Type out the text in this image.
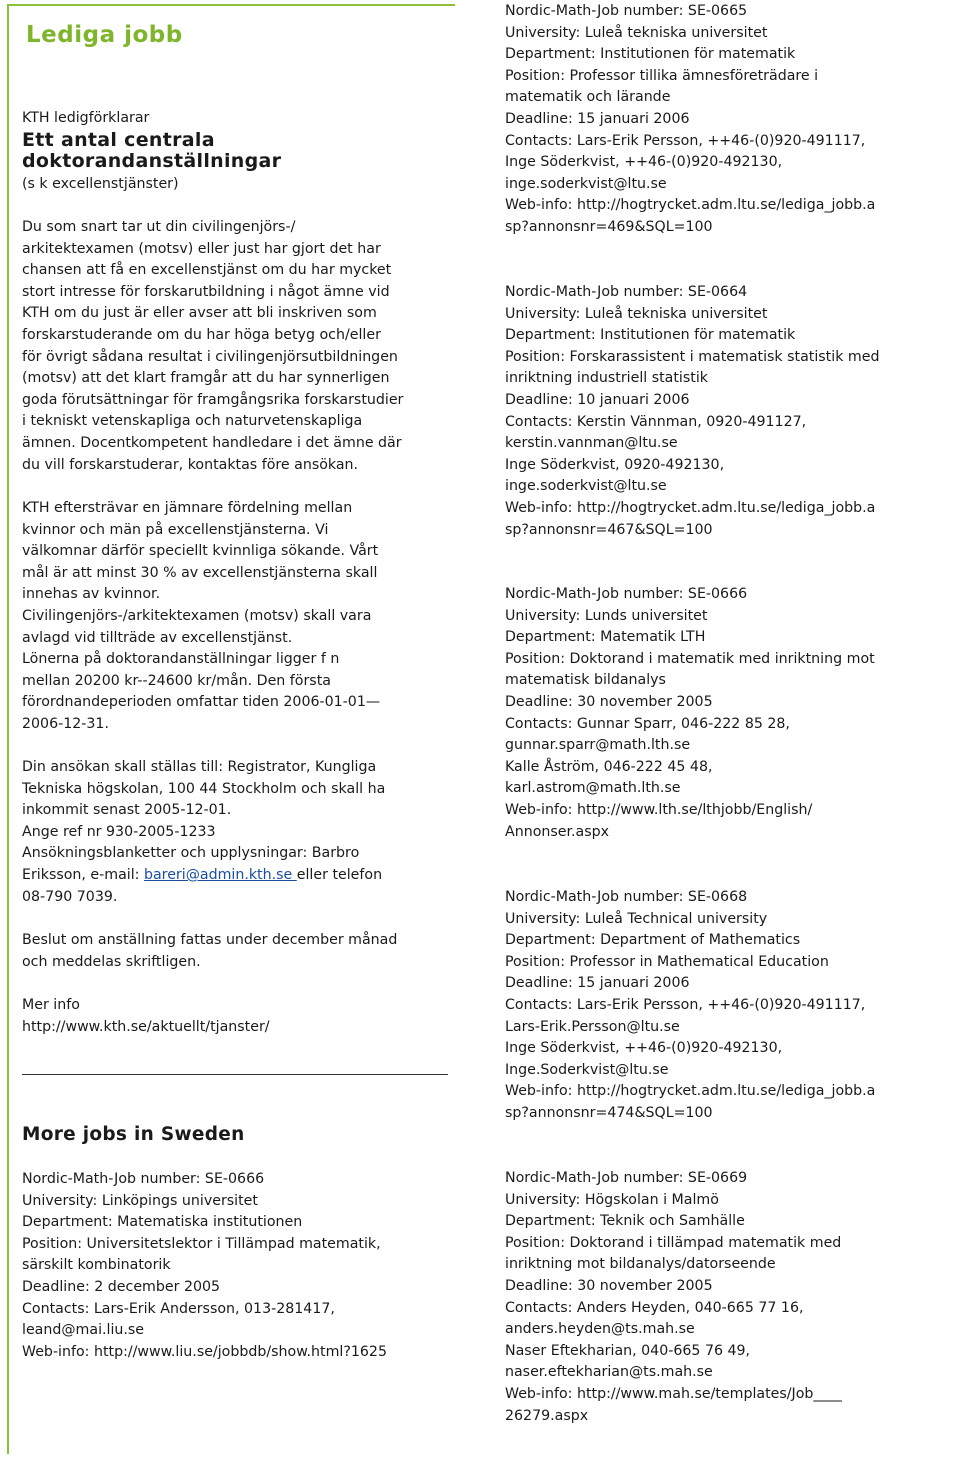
Lediga jobb
KTH ledigförklarar
Ett antal centrala
doktorandanställningar
(s k excellenstjänster)
Du som snart tar ut din civilingenjörs-/
arkitektexamen (motsv) eller just har gjort det har
chansen att få en excellenstjänst om du har mycket
stort intresse för forskarutbildning i något ämne vid
KTH om du just är eller avser att bli inskriven som
forskarstuderande om du har höga betyg och/eller
för övrigt sådana resultat i civilingenjörsutbildningen
(motsv) att det klart framgår att du har synnerligen
goda förutsättningar för framgångsrika forskarstudier
i tekniskt vetenskapliga och naturvetenskapliga
ämnen. Docentkompetent handledare i det ämne där
du vill forskarstuderar, kontaktas före ansökan.
KTH eftersträvar en jämnare fördelning mellan
kvinnor och män på excellenstjänsterna. Vi
välkomnar därför speciellt kvinnliga sökande. Vårt
mål är att minst 30 % av excellenstjänsterna skall
innehas av kvinnor.
Civilingenjörs-/arkitektexamen (motsv) skall vara
avlagd vid tillträde av excellenstjänst.
Lönerna på doktorandanställningar ligger f n
mellan 20200 kr--24600 kr/mån. Den första
förordnandeperioden omfattar tiden 2006-01-01—
2006-12-31.
Din ansökan skall ställas till: Registrator, Kungliga
Tekniska högskolan, 100 44 Stockholm och skall ha
inkommit senast 2005-12-01.
Ange ref nr 930-2005-1233
Ansökningsblanketter och upplysningar: Barbro
Eriksson, e-mail: bareri@admin.kth.se eller telefon
08-790 7039.
Beslut om anställning fattas under december månad
och meddelas skriftligen.
Mer info
http://www.kth.se/aktuellt/tjanster/
More jobs in Sweden
Nordic-Math-Job number: SE-0666
University: Linköpings universitet
Department: Matematiska institutionen
Position: Universitetslektor i Tillämpad matematik,
särskilt kombinatorik
Deadline: 2 december 2005
Contacts: Lars-Erik Andersson, 013-281417,
leand@mai.liu.se
Web-info: http://www.liu.se/jobbdb/show.html?1625
Nordic-Math-Job number: SE-0665
University: Luleå tekniska universitet
Department: Institutionen för matematik
Position: Professor tillika ämnesföreträdare i
matematik och lärande
Deadline: 15 januari 2006
Contacts: Lars-Erik Persson, ++46-(0)920-491117,
Inge Söderkvist, ++46-(0)920-492130,
inge.soderkvist@ltu.se
Web-info: http://hogtrycket.adm.ltu.se/lediga_jobb.a
sp?annonsnr=469&SQL=100
Nordic-Math-Job number: SE-0664
University: Luleå tekniska universitet
Department: Institutionen för matematik
Position: Forskarassistent i matematisk statistik med
inriktning industriell statistik
Deadline: 10 januari 2006
Contacts: Kerstin Vännman, 0920-491127,
kerstin.vannman@ltu.se
Inge Söderkvist, 0920-492130,
inge.soderkvist@ltu.se
Web-info: http://hogtrycket.adm.ltu.se/lediga_jobb.a
sp?annonsnr=467&SQL=100
Nordic-Math-Job number: SE-0666
University: Lunds universitet
Department: Matematik LTH
Position: Doktorand i matematik med inriktning mot
matematisk bildanalys
Deadline: 30 november 2005
Contacts: Gunnar Sparr, 046-222 85 28,
gunnar.sparr@math.lth.se
Kalle Åström, 046-222 45 48,
karl.astrom@math.lth.se
Web-info: http://www.lth.se/lthjobb/English/
Annonser.aspx
Nordic-Math-Job number: SE-0668
University: Luleå Technical university
Department: Department of Mathematics
Position: Professor in Mathematical Education
Deadline: 15 januari 2006
Contacts: Lars-Erik Persson, ++46-(0)920-491117,
Lars-Erik.Persson@ltu.se
Inge Söderkvist, ++46-(0)920-492130,
Inge.Soderkvist@ltu.se
Web-info: http://hogtrycket.adm.ltu.se/lediga_jobb.a
sp?annonsnr=474&SQL=100
Nordic-Math-Job number: SE-0669
University: Högskolan i Malmö
Department: Teknik och Samhälle
Position: Doktorand i tillämpad matematik med
inriktning mot bildanalys/datorseende
Deadline: 30 november 2005
Contacts: Anders Heyden, 040-665 77 16,
anders.heyden@ts.mah.se
Naser Eftekharian, 040-665 76 49,
naser.eftekharian@ts.mah.se
Web-info: http://www.mah.se/templates/Job____
26279.aspx
